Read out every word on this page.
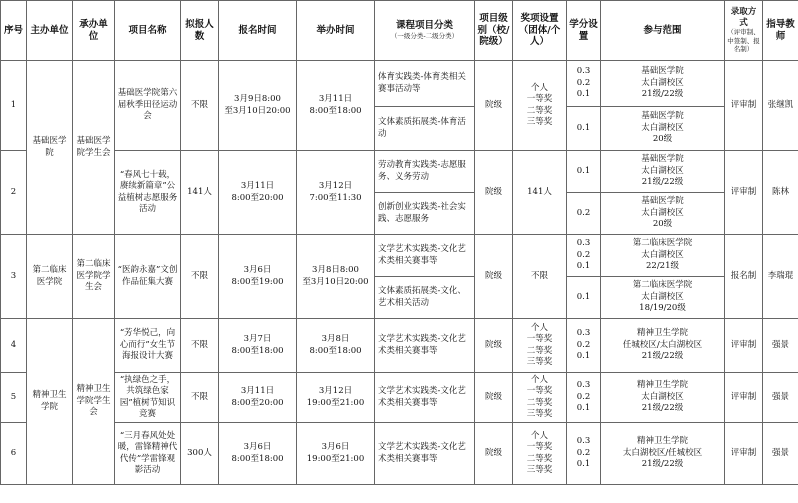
序号	主办单位	承办单位	项目名称	拟报人数	报名时间	举办时间	课程项目分类
（一级分类-二级分类）	项目级别（校/院级）	奖项设置（团体/个人）	学分设置	参与范围	录取方式
（评审制、中签制、报名制）	指导教师
1	基础医学院	基础医学院学生会	基础医学院第六届秋季田径运动会	不限	3月9日8:00
至3月10日20:00	3月11日
8:00至18:00	体育实践类-体育类相关赛事活动等	院级	个人
一等奖
二等奖
三等奖	0.3
0.2
0.1	基础医学院
太白湖校区
21级/22级	评审制	张继凯
							文体素质拓展类-体育活动			0.1	基础医学院
太白湖校区
20级		
2			“春风七十载，赓续新篇章”公益植树志愿服务活动	141人	3月11日
8:00至20:00	3月12日
7:00至11:30	劳动教育实践类-志愿服务、义务劳动	院级	141人	0.1	基础医学院
太白湖校区
21级/22级	评审制	陈林
							创新创业实践类-社会实践、志愿服务			0.2	基础医学院
太白湖校区
20级		
3	第二临床医学院	第二临床医学院学生会	“医韵永嘉”文创作品征集大赛	不限	3月6日
8:00至19:00	3月8日8:00
至3月10日20:00	文学艺术实践类-文化艺术类相关赛事等	院级	不限	0.3
0.2
0.1	第二临床医学院
太白湖校区
22/21级	报名制	李瑞琨
							文体素质拓展类-文化、艺术相关活动			0.1	第二临床医学院
太白湖校区
18/19/20级		
4	精神卫生学院	精神卫生学院学生会	“芳华悦己，向心而行”女生节海报设计大赛	不限	3月7日
8:00至18:00	3月8日
8:00至18:00	文学艺术实践类-文化艺术类相关赛事等	院级	个人
一等奖
二等奖
三等奖	0.3
0.2
0.1	精神卫生学院
任城校区/太白湖校区
21级/22级	评审制	强景
5			“执绿色之手，共筑绿色家园”植树节知识竞赛	不限	3月11日
8:00至20:00	3月12日
19:00至21:00	文学艺术实践类-文化艺术类相关赛事等	院级	个人
一等奖
二等奖
三等奖	0.3
0.2
0.1	精神卫生学院
太白湖校区
21级/22级	评审制	强景
6			“三月春风处处暖，雷锋精神代代传”学雷锋观影活动	300人	3月6日
8:00至18:00	3月6日
19:00至21:00	文学艺术实践类-文化艺术类相关赛事等	院级	个人
一等奖
二等奖
三等奖	0.3
0.2
0.1	精神卫生学院
太白湖校区/任城校区
21级/22级	评审制	强景
